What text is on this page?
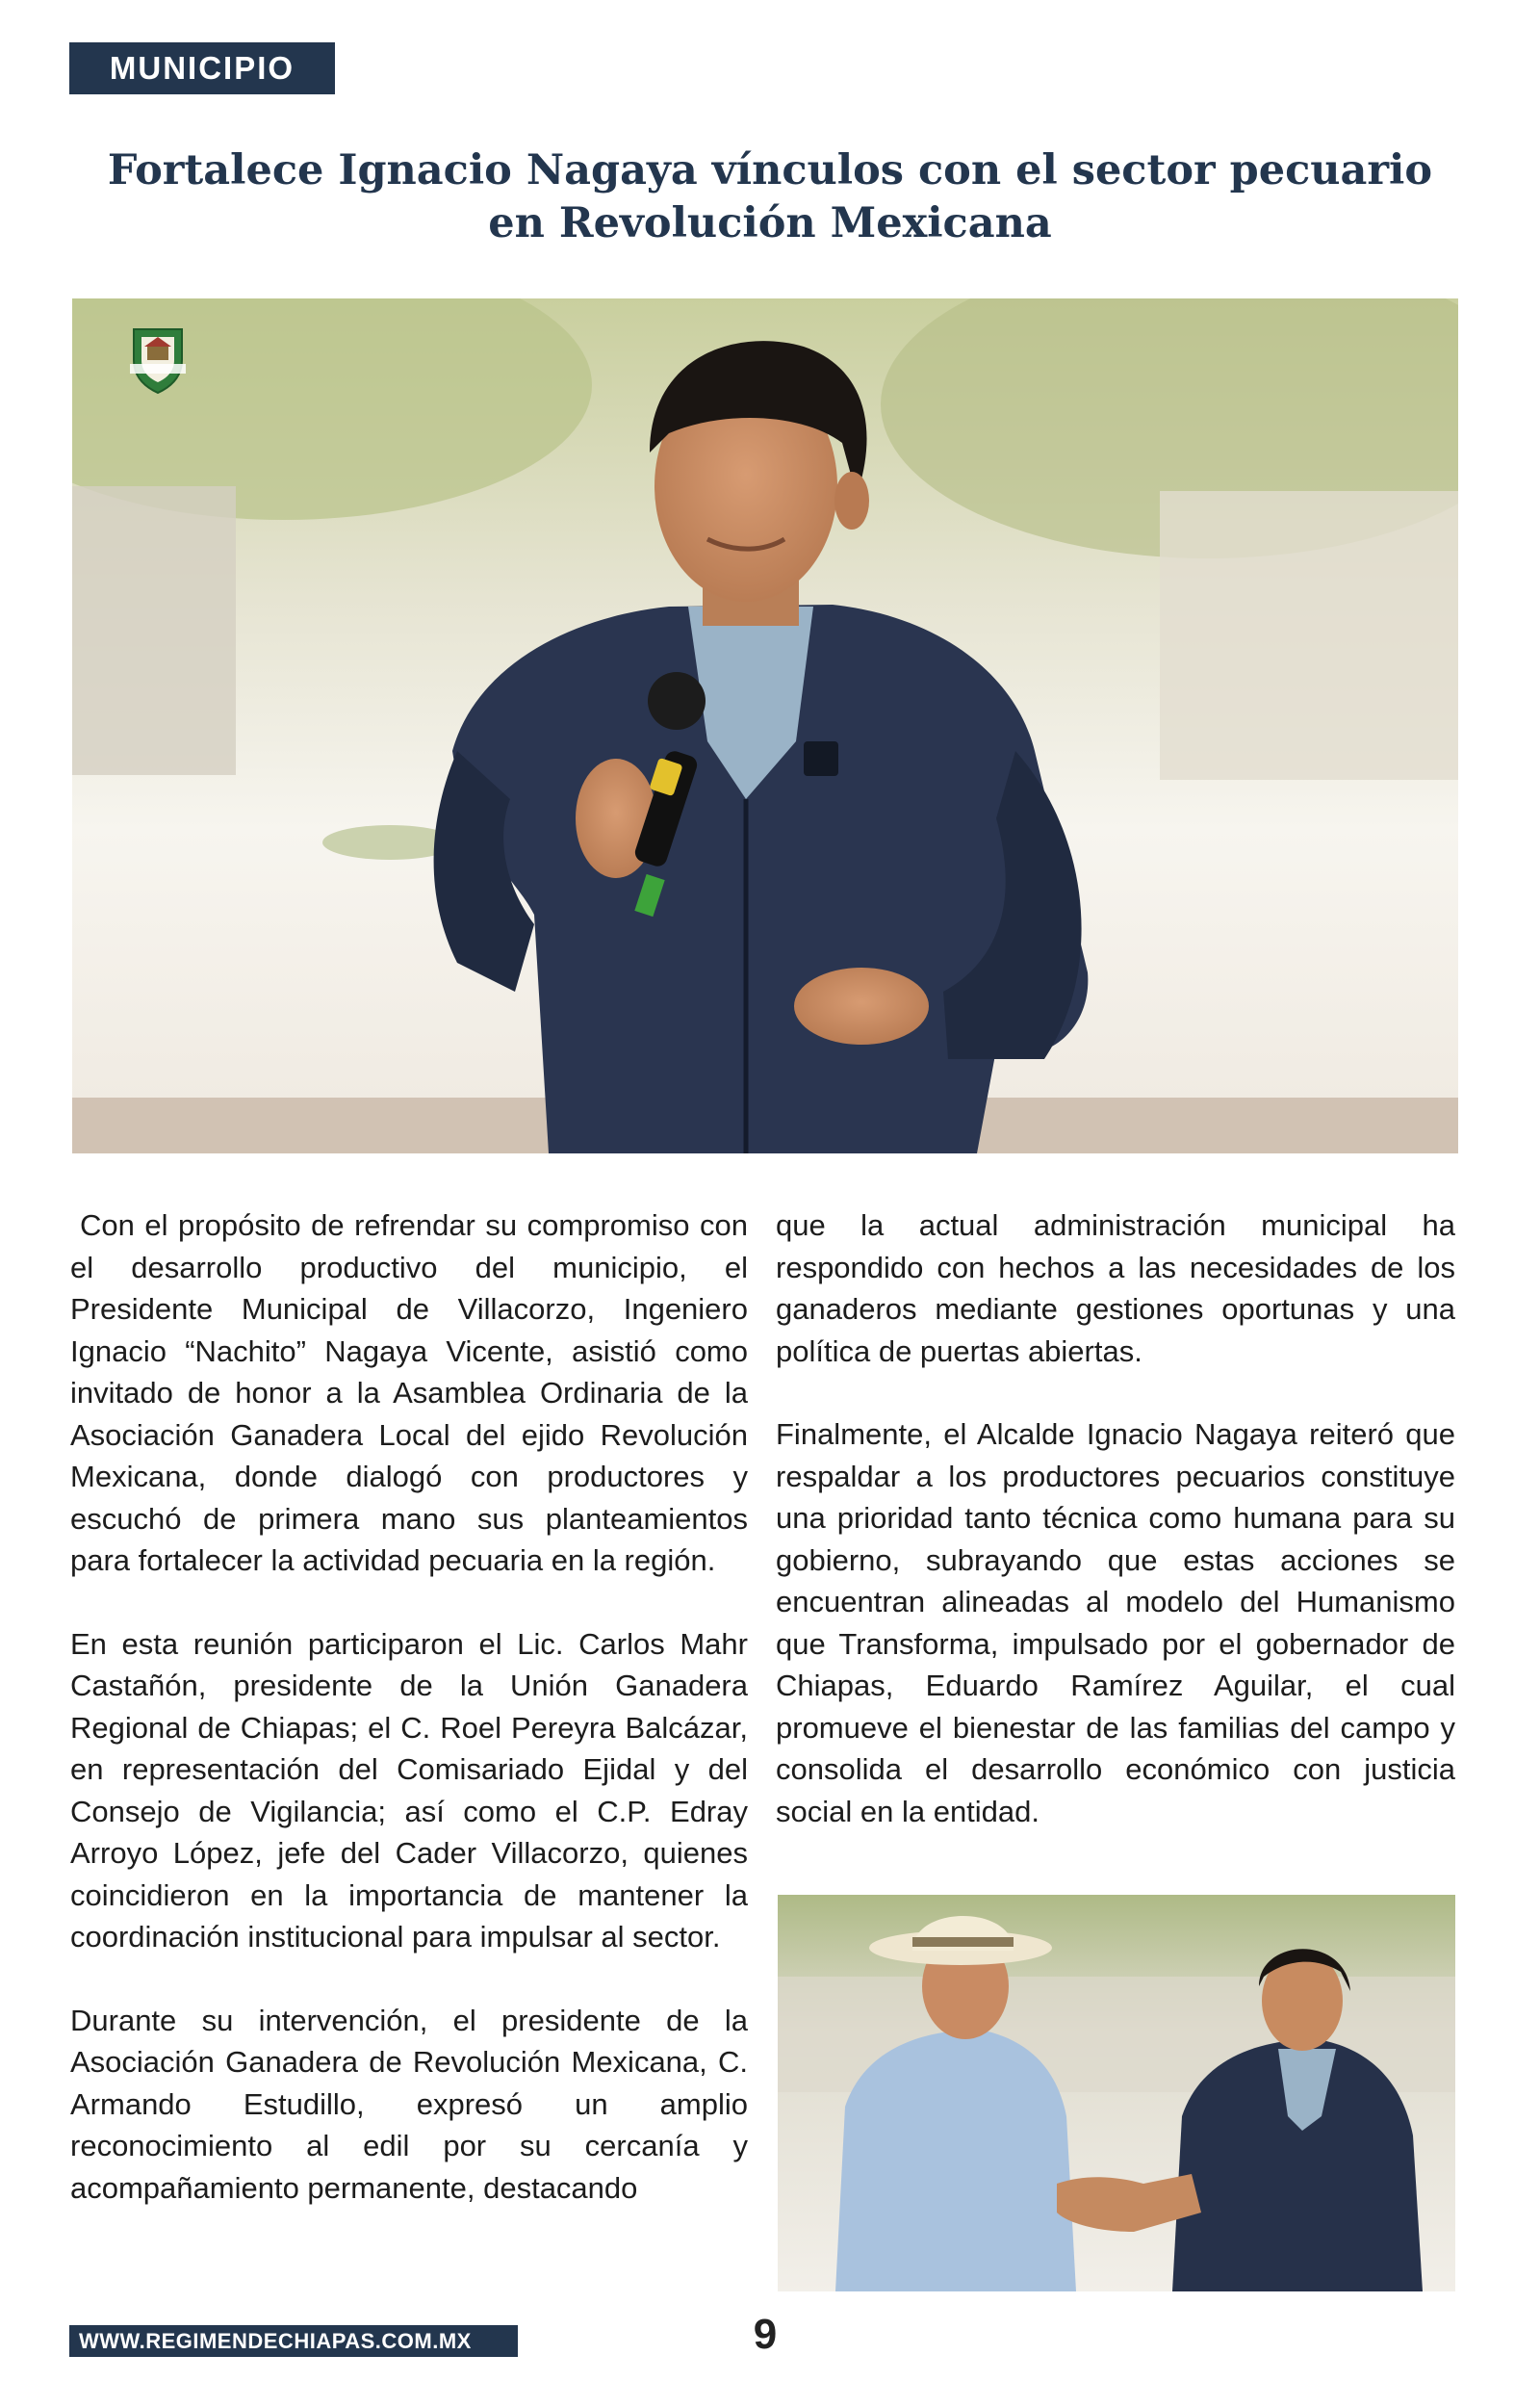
MUNICIPIO
Fortalece Ignacio Nagaya vínculos con el sector pecuario en Revolución Mexicana

Con el propósito de refrendar su compromiso con el desarrollo productivo del municipio, el Presidente Municipal de Villacorzo, Ingeniero Ignacio “Nachito” Nagaya Vicente, asistió como invitado de honor a la Asamblea Ordinaria de la Asociación Ganadera Local del ejido Revolución Mexicana, donde dialogó con productores y escuchó de primera mano sus planteamientos para fortalecer la actividad pecuaria en la región.

En esta reunión participaron el Lic. Carlos Mahr Castañón, presidente de la Unión Ganadera Regional de Chiapas; el C. Roel Pereyra Balcázar, en representación del Comisariado Ejidal y del Consejo de Vigilancia; así como el C.P. Edray Arroyo López, jefe del Cader Villacorzo, quienes coincidieron en la importancia de mantener la coordinación institucional para impulsar al sector.

Durante su intervención, el presidente de la Asociación Ganadera de Revolución Mexicana, C. Armando Estudillo, expresó un amplio reconocimiento al edil por su cercanía y acompañamiento permanente, destacando

que la actual administración municipal ha respondido con hechos a las necesidades de los ganaderos mediante gestiones oportunas y una política de puertas abiertas.

Finalmente, el Alcalde Ignacio Nagaya reiteró que respaldar a los productores pecuarios constituye una prioridad tanto técnica como humana para su gobierno, subrayando que estas acciones se encuentran alineadas al modelo del Humanismo que Transforma, impulsado por el gobernador de Chiapas, Eduardo Ramírez Aguilar, el cual promueve el bienestar de las familias del campo y consolida el desarrollo económico con justicia social en la entidad.

9
WWW.REGIMENDECHIAPAS.COM.MX
